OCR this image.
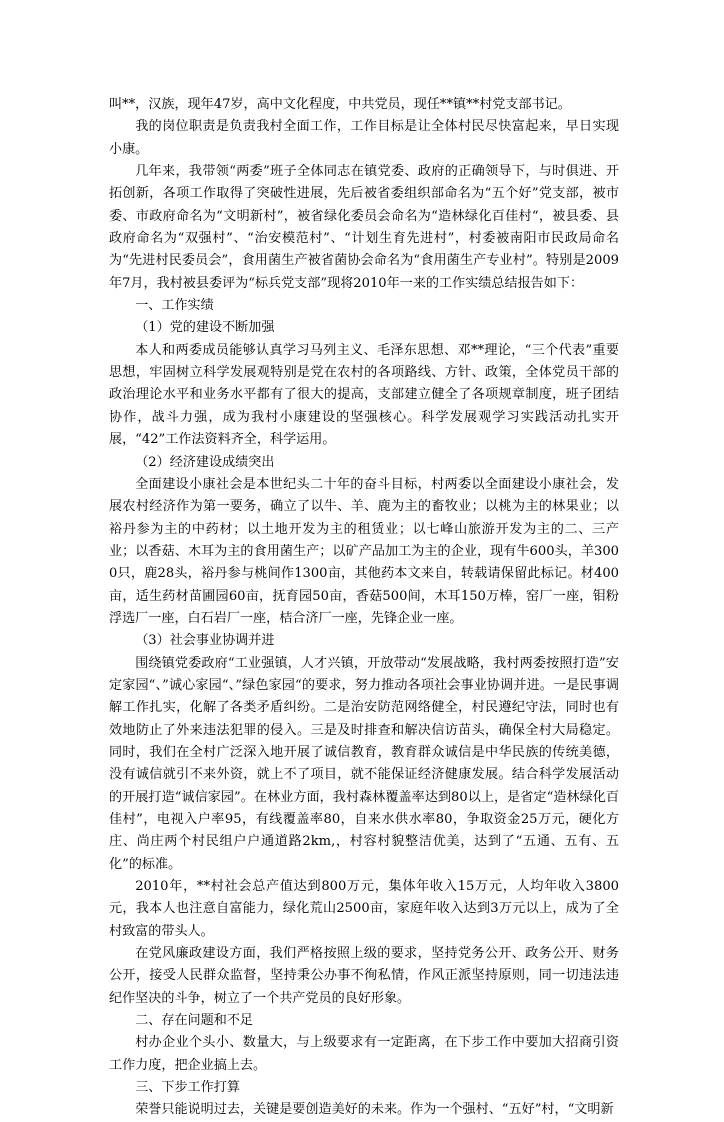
叫**，汉族，现年47岁，高中文化程度，中共党员，现任**镇**村党支部书记。

我的岗位职责是负责我村全面工作，工作目标是让全体村民尽快富起来，早日实现小康。

几年来，我带领“两委”班子全体同志在镇党委、政府的正确领导下，与时俱进、开拓创新，各项工作取得了突破性进展，先后被省委组织部命名为“五个好”党支部，被市委、市政府命名为“文明新村”，被省绿化委员会命名为“造林绿化百佳村“，被县委、县政府命名为“双强村”、“治安模范村”、“计划生育先进村”，村委被南阳市民政局命名为“先进村民委员会”，食用菌生产被省菌协会命名为“食用菌生产专业村”。特别是2009年7月，我村被县委评为“标兵党支部”现将2010年一来的工作实绩总结报告如下：

一、工作实绩

（1）党的建设不断加强

本人和两委成员能够认真学习马列主义、毛泽东思想、邓**理论，“三个代表”重要思想，牢固树立科学发展观特别是党在农村的各项路线、方针、政策，全体党员干部的政治理论水平和业务水平都有了很大的提高，支部建立健全了各项规章制度，班子团结协作，战斗力强，成为我村小康建设的坚强核心。科学发展观学习实践活动扎实开展，“42”工作法资料齐全，科学运用。

（2）经济建设成绩突出

全面建设小康社会是本世纪头二十年的奋斗目标，村两委以全面建设小康社会，发展农村经济作为第一要务，确立了以牛、羊、鹿为主的畜牧业；以桃为主的林果业；以裕丹参为主的中药材；以土地开发为主的租赁业；以七峰山旅游开发为主的二、三产业；以香菇、木耳为主的食用菌生产；以矿产品加工为主的企业，现有牛600头，羊3000只，鹿28头，裕丹参与桃间作1300亩，其他药本文来自，转载请保留此标记。材400亩，适生药材苗圃园60亩，抚育园50亩，香菇500间，木耳150万棒，窑厂一座，钼粉浮选厂一座，白石岩厂一座，桔合济厂一座，先锋企业一座。

（3）社会事业协调并进

围绕镇党委政府“工业强镇，人才兴镇，开放带动“发展战略，我村两委按照打造”安定家园“、”诚心家园“、”绿色家园“的要求，努力推动各项社会事业协调并进。一是民事调解工作扎实，化解了各类矛盾纠纷。二是治安防范网络健全，村民遵纪守法，同时也有效地防止了外来违法犯罪的侵入。三是及时排查和解决信访苗头，确保全村大局稳定。同时，我们在全村广泛深入地开展了诚信教育，教育群众诚信是中华民族的传统美德，没有诚信就引不来外资，就上不了项目，就不能保证经济健康发展。结合科学发展活动的开展打造“诚信家园”。在林业方面，我村森林覆盖率达到80以上，是省定“造林绿化百佳村”，电视入户率95，有线覆盖率80，自来水供水率80，争取资金25万元，硬化方庄、尚庄两个村民组户户通道路2km,，村容村貌整洁优美，达到了“五通、五有、五化”的标准。

2010年，**村社会总产值达到800万元，集体年收入15万元，人均年收入3800元，我本人也注意自富能力，绿化荒山2500亩，家庭年收入达到3万元以上，成为了全村致富的带头人。

在党风廉政建设方面，我们严格按照上级的要求，坚持党务公开、政务公开、财务公开，接受人民群众监督，坚持秉公办事不徇私情，作风正派坚持原则，同一切违法违纪作坚决的斗争，树立了一个共产党员的良好形象。

二、存在问题和不足

村办企业个头小、数量大，与上级要求有一定距离，在下步工作中要加大招商引资工作力度，把企业搞上去。

三、下步工作打算

荣誉只能说明过去，关键是要创造美好的未来。作为一个强村、“五好”村，“文明新
